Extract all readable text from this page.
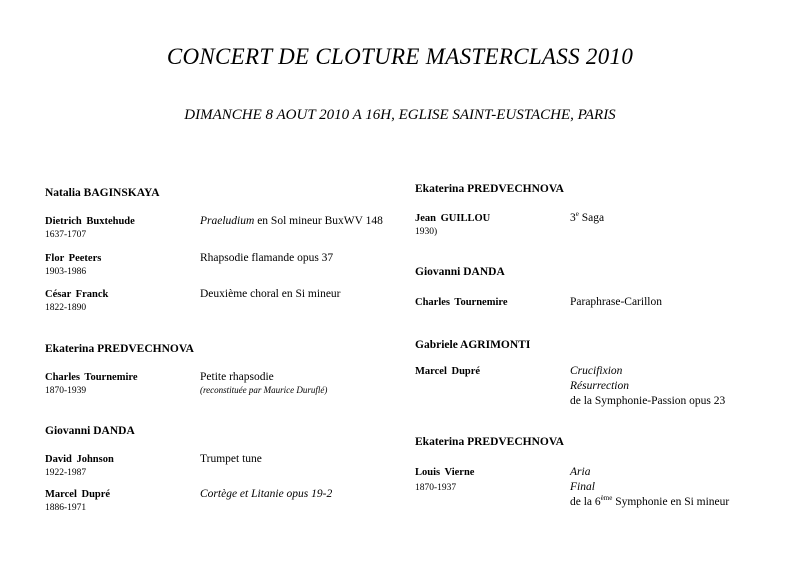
CONCERT DE CLOTURE MASTERCLASS 2010
DIMANCHE 8 AOUT 2010 A 16H, EGLISE SAINT-EUSTACHE, PARIS
Natalia BAGINSKAYA
Dietrich Buxtehude
1637-1707
Praeludium en Sol mineur BuxWV 148
Flor Peeters
1903-1986
Rhapsodie flamande opus 37
César Franck
1822-1890
Deuxième choral en Si mineur
Ekaterina PREDVECHNOVA
Charles Tournemire
1870-1939
Petite rhapsodie
(reconstituée par Maurice Duruflé)
Giovanni DANDA
David Johnson
1922-1987
Trumpet tune
Marcel Dupré
1886-1971
Cortège et Litanie opus 19-2
Ekaterina PREDVECHNOVA
Jean GUILLOU
1930)
3e Saga
Giovanni DANDA
Charles Tournemire	Paraphrase-Carillon
Gabriele AGRIMONTI
Marcel Dupré	Crucifixion
Résurrection
de la Symphonie-Passion opus 23
Ekaterina PREDVECHNOVA
Louis Vierne
1870-1937
Aria
Final
de la 6ème Symphonie en Si mineur
